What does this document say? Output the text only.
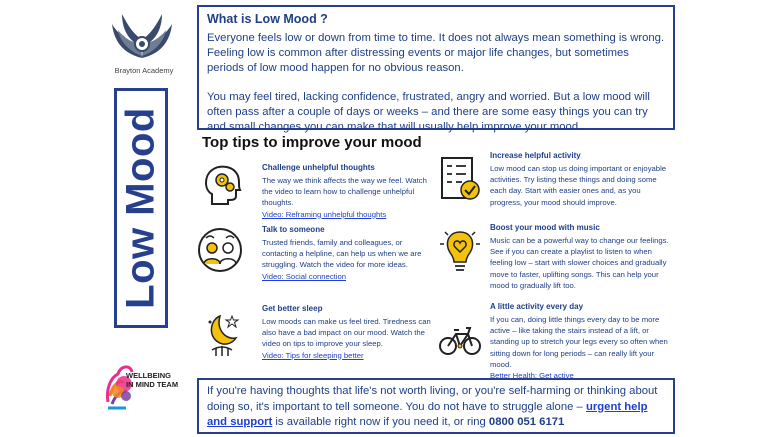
Brayton Academy
Low Mood
WELLBEING
IN MIND TEAM
What is Low Mood ?

Everyone feels low or down from time to time. It does not always mean something is wrong. Feeling low is common after distressing events or major life changes, but sometimes periods of low mood happen for no obvious reason.

You may feel tired, lacking confidence, frustrated, angry and worried. But a low mood will often pass after a couple of days or weeks – and there are some easy things you can try and small changes you can make that will usually help improve your mood.

Top tips to improve your mood
Challenge unhelpful thoughts
The way we think affects the way we feel. Watch the video to learn how to challenge unhelpful thoughts.
Video: Reframing unhelpful thoughts
Talk to someone
Trusted friends, family and colleagues, or contacting a helpline, can help us when we are struggling. Watch the video for more ideas.
Video: Social connection
Get better sleep
Low moods can make us feel tired. Tiredness can also have a bad impact on our mood. Watch the video on tips to improve your sleep.
Video: Tips for sleeping better
Increase helpful activity
Low mood can stop us doing important or enjoyable activities. Try listing these things and doing some each day. Start with easier ones and, as you progress, your mood should improve.
Boost your mood with music
Music can be a powerful way to change our feelings. See if you can create a playlist to listen to when feeling low – start with slower choices and gradually move to faster, uplifting songs. This can help your mood to gradually lift too.
A little activity every day
If you can, doing little things every day to be more active – like taking the stairs instead of a lift, or standing up to stretch your legs every so often when sitting down for long periods – can really lift your mood.
Better Health: Get active

If you're having thoughts that life's not worth living, or you're self-harming or thinking about doing so, it's important to tell someone. You do not have to struggle alone – urgent help and support is available right now if you need it, or ring 0800 051 6171
